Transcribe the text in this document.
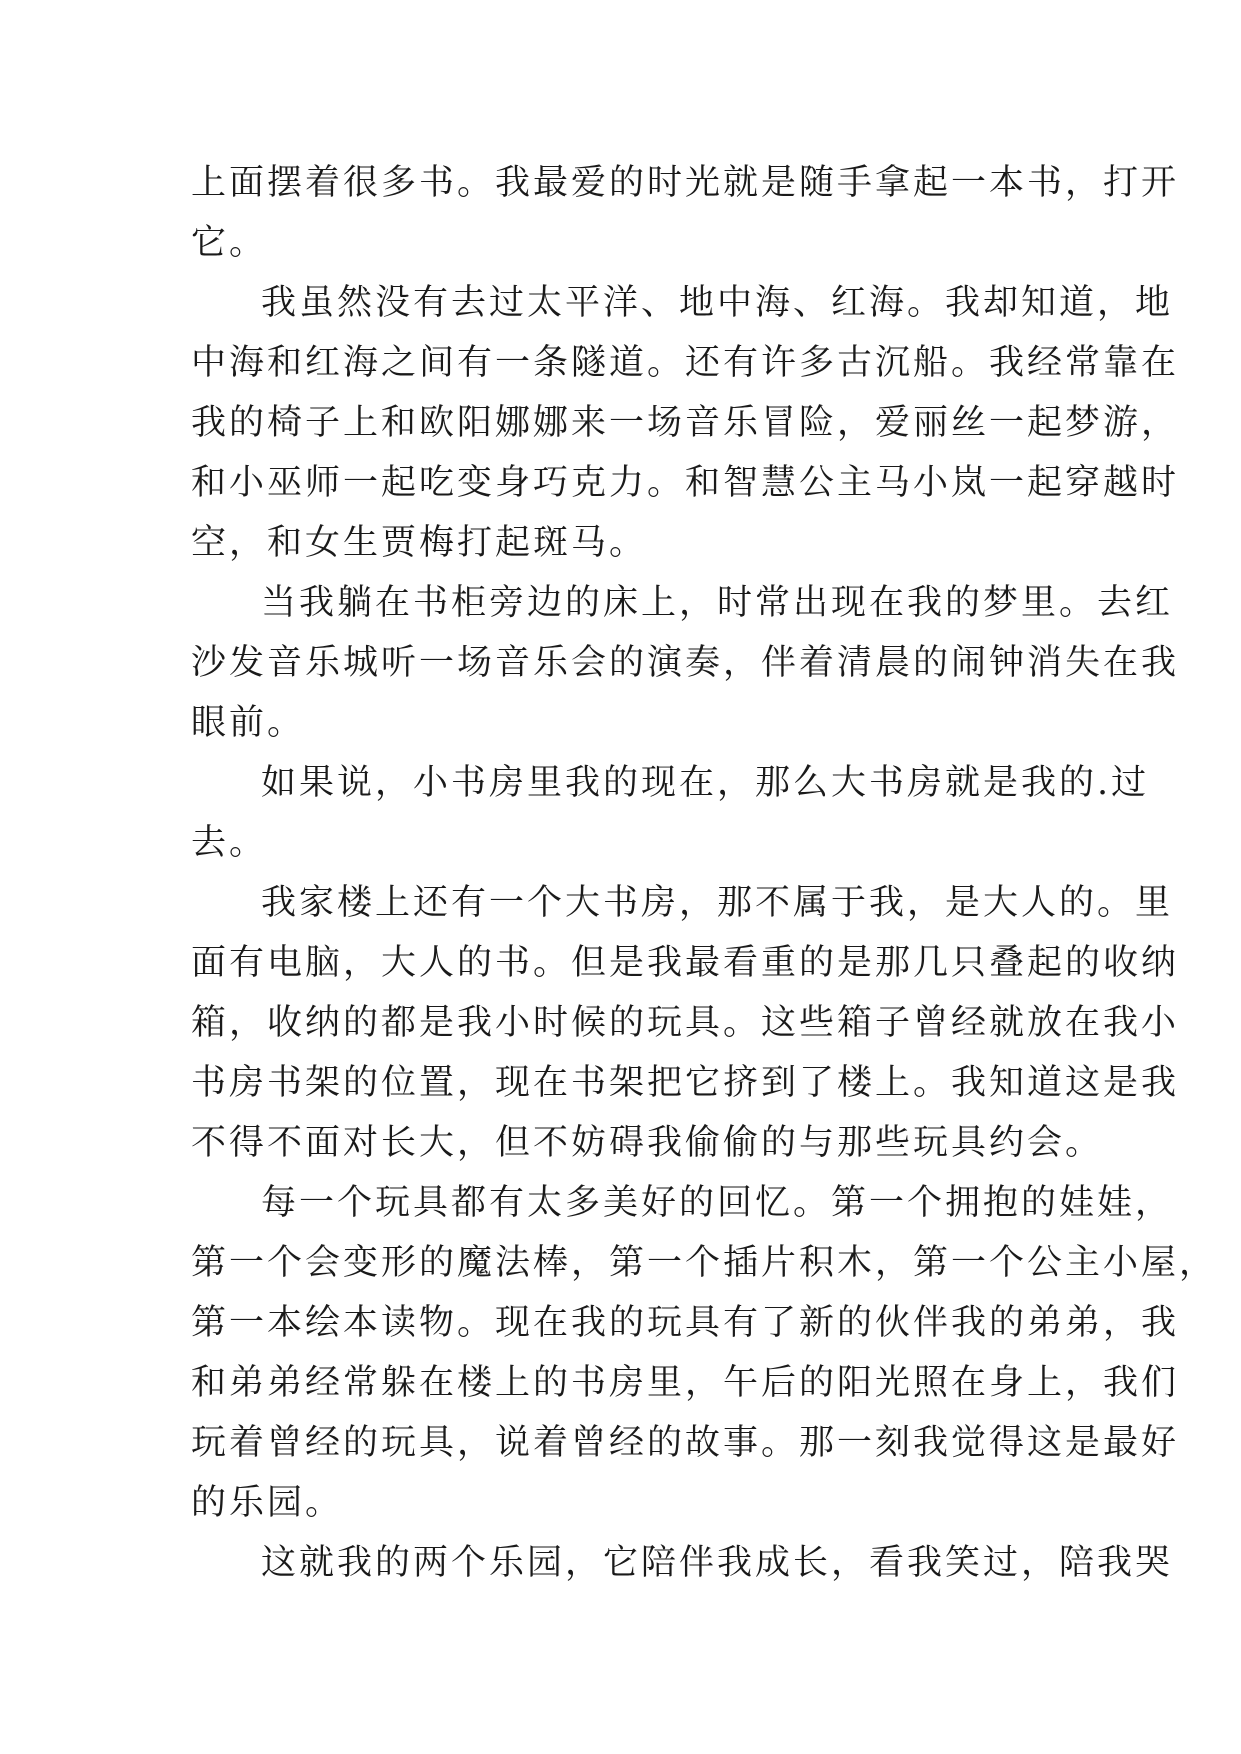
上面摆着很多书。我最爱的时光就是随手拿起一本书，打开
它。
我虽然没有去过太平洋、地中海、红海。我却知道，地
中海和红海之间有一条隧道。还有许多古沉船。我经常靠在
我的椅子上和欧阳娜娜来一场音乐冒险，爱丽丝一起梦游，
和小巫师一起吃变身巧克力。和智慧公主马小岚一起穿越时
空，和女生贾梅打起斑马。
当我躺在书柜旁边的床上，时常出现在我的梦里。去红
沙发音乐城听一场音乐会的演奏，伴着清晨的闹钟消失在我
眼前。
如果说，小书房里我的现在，那么大书房就是我的.过
去。
我家楼上还有一个大书房，那不属于我，是大人的。里
面有电脑，大人的书。但是我最看重的是那几只叠起的收纳
箱，收纳的都是我小时候的玩具。这些箱子曾经就放在我小
书房书架的位置，现在书架把它挤到了楼上。我知道这是我
不得不面对长大，但不妨碍我偷偷的与那些玩具约会。
每一个玩具都有太多美好的回忆。第一个拥抱的娃娃，
第一个会变形的魔法棒，第一个插片积木，第一个公主小屋，
第一本绘本读物。现在我的玩具有了新的伙伴我的弟弟，我
和弟弟经常躲在楼上的书房里，午后的阳光照在身上，我们
玩着曾经的玩具，说着曾经的故事。那一刻我觉得这是最好
的乐园。
这就我的两个乐园，它陪伴我成长，看我笑过，陪我哭
